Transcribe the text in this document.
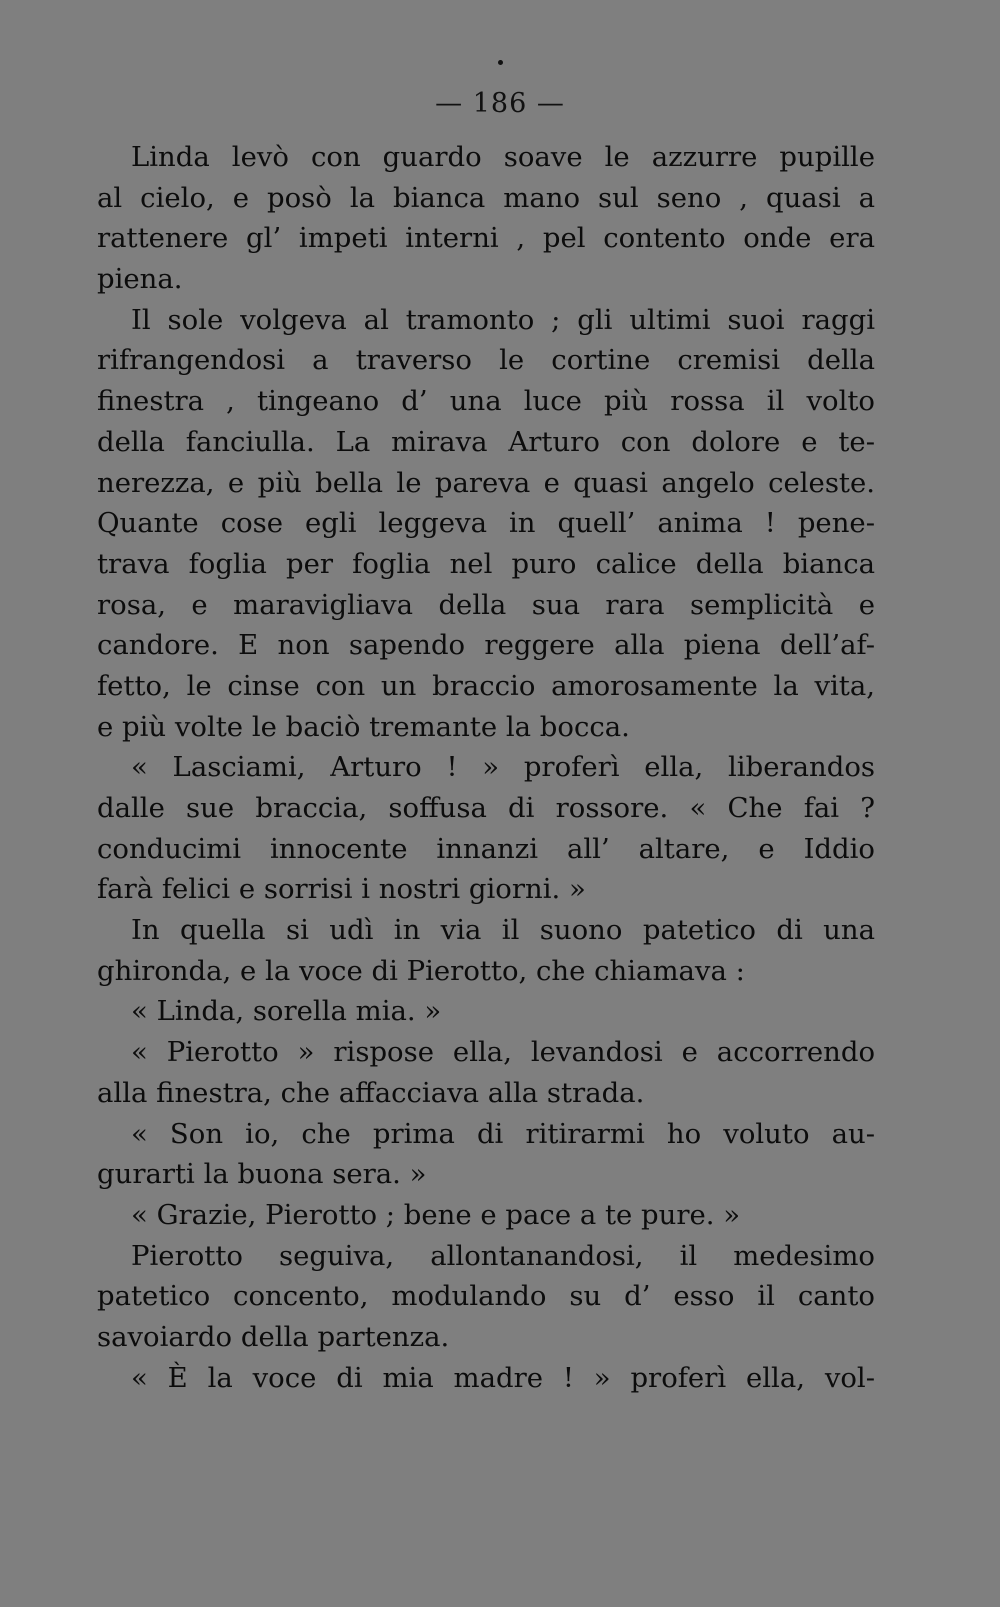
— 186 —
Linda levò con guardo soave le azzurre pupille
al cielo, e posò la bianca mano sul seno , quasi a
rattenere gl’ impeti interni , pel contento onde era
piena.
Il sole volgeva al tramonto ; gli ultimi suoi raggi
rifrangendosi a traverso le cortine cremisi della
finestra , tingeano d’ una luce più rossa il volto
della fanciulla. La mirava Arturo con dolore e te-
nerezza, e più bella le pareva e quasi angelo celeste.
Quante cose egli leggeva in quell’ anima ! pene-
trava foglia per foglia nel puro calice della bianca
rosa, e maravigliava della sua rara semplicità e
candore. E non sapendo reggere alla piena dell’af-
fetto, le cinse con un braccio amorosamente la vita,
e più volte le baciò tremante la bocca.
« Lasciami, Arturo ! » proferì ella, liberandos
dalle sue braccia, soffusa di rossore. « Che fai ?
conducimi innocente innanzi all’ altare, e Iddio
farà felici e sorrisi i nostri giorni. »
In quella si udì in via il suono patetico di una
ghironda, e la voce di Pierotto, che chiamava :
« Linda, sorella mia. »
« Pierotto » rispose ella, levandosi e accorrendo
alla finestra, che affacciava alla strada.
« Son io, che prima di ritirarmi ho voluto au-
gurarti la buona sera. »
« Grazie, Pierotto ; bene e pace a te pure. »
Pierotto seguiva, allontanandosi, il medesimo
patetico concento, modulando su d’ esso il canto
savoiardo della partenza.
« È la voce di mia madre ! » proferì ella, vol-
